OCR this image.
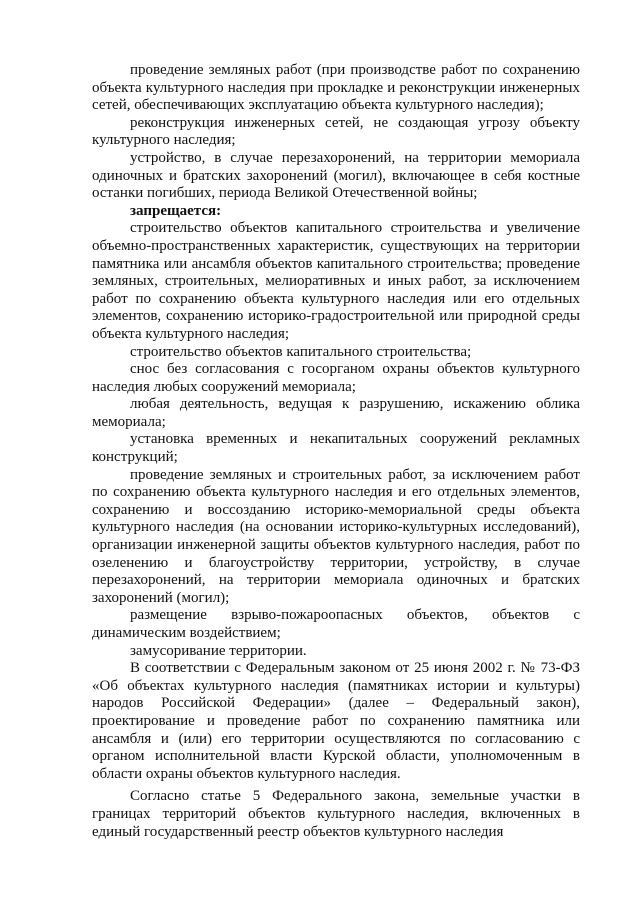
проведение земляных работ (при производстве работ по сохранению объекта культурного наследия при прокладке и реконструкции инженерных сетей, обеспечивающих эксплуатацию объекта культурного наследия);

реконструкция инженерных сетей, не создающая угрозу объекту культурного наследия;

устройство, в случае перезахоронений, на территории мемориала одиночных и братских захоронений (могил), включающее в себя костные останки погибших, периода Великой Отечественной войны;

запрещается:

строительство объектов капитального строительства и увеличение объемно-пространственных характеристик, существующих на территории памятника или ансамбля объектов капитального строительства; проведение земляных, строительных, мелиоративных и иных работ, за исключением работ по сохранению объекта культурного наследия или его отдельных элементов, сохранению историко-градостроительной или природной среды объекта культурного наследия;

строительство объектов капитального строительства;

снос без согласования с госорганом охраны объектов культурного наследия любых сооружений мемориала;

любая деятельность, ведущая к разрушению, искажению облика мемориала;

установка временных и некапитальных сооружений рекламных конструкций;

проведение земляных и строительных работ, за исключением работ по сохранению объекта культурного наследия и его отдельных элементов, сохранению и воссозданию историко-мемориальной среды объекта культурного наследия (на основании историко-культурных исследований), организации инженерной защиты объектов культурного наследия, работ по озеленению и благоустройству территории, устройству, в случае перезахоронений, на территории мемориала одиночных и братских захоронений (могил);

размещение взрыво-пожароопасных объектов, объектов с динамическим воздействием;

замусоривание территории.

В соответствии с Федеральным законом от 25 июня 2002 г. № 73-ФЗ «Об объектах культурного наследия (памятниках истории и культуры) народов Российской Федерации» (далее – Федеральный закон), проектирование и проведение работ по сохранению памятника или ансамбля и (или) его территории осуществляются по согласованию с органом исполнительной власти Курской области, уполномоченным в области охраны объектов культурного наследия.

Согласно статье 5 Федерального закона, земельные участки в границах территорий объектов культурного наследия, включенных в единый государственный реестр объектов культурного наследия
